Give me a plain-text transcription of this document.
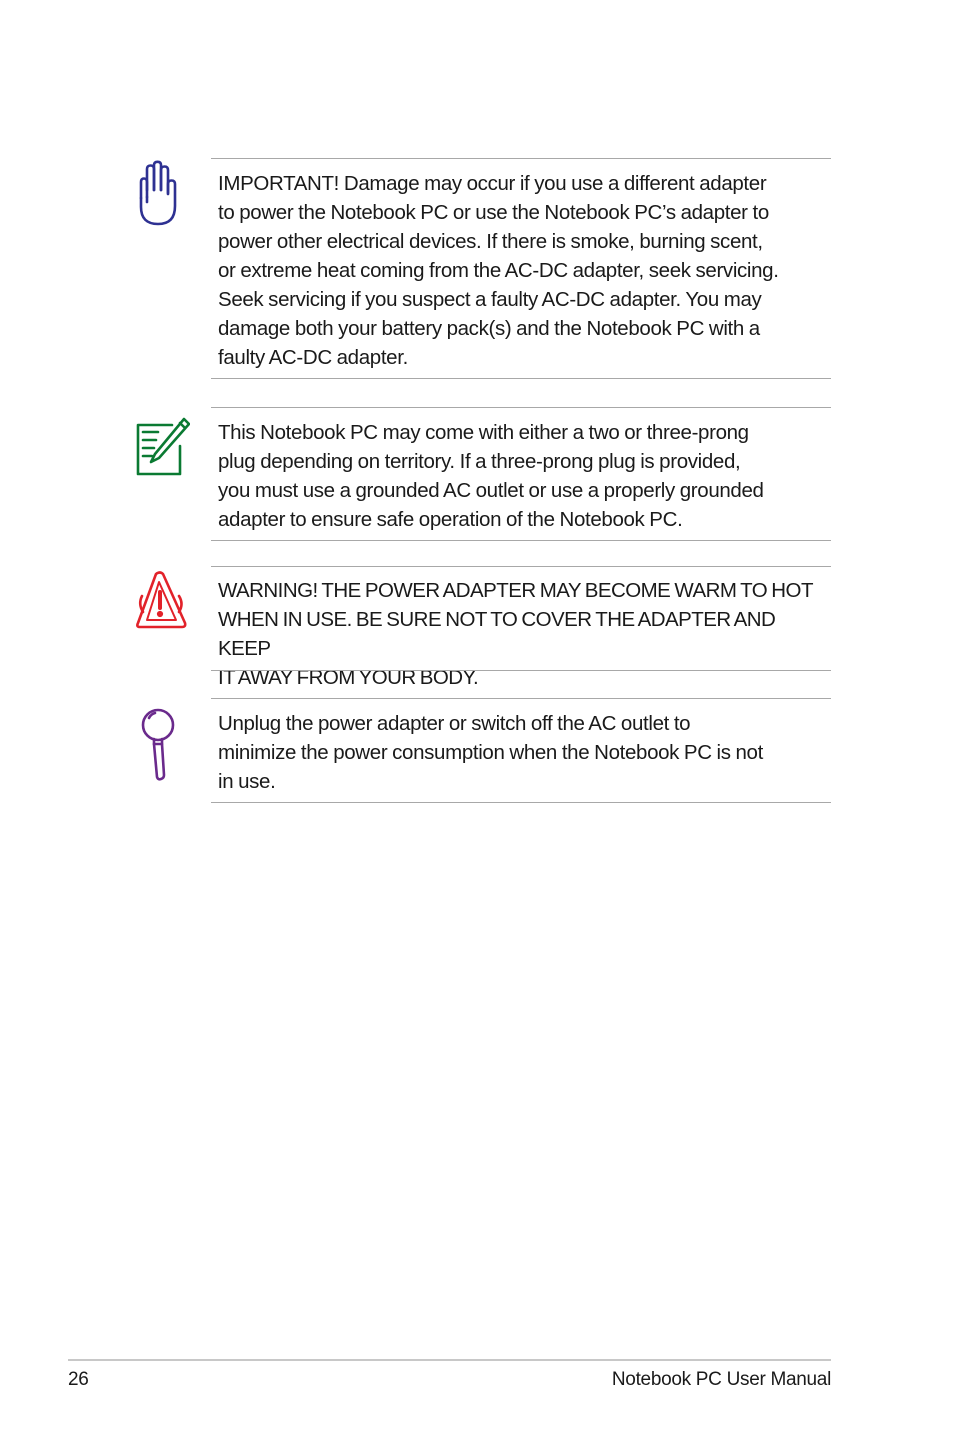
IMPORTANT! Damage may occur if you use a different adapter
to power the Notebook PC or use the Notebook PC’s adapter to
power other electrical devices. If there is smoke, burning scent,
or extreme heat coming from the AC-DC adapter, seek servicing.
Seek servicing if you suspect a faulty AC-DC adapter. You may
damage both your battery pack(s) and the Notebook PC with a
faulty AC-DC adapter.

This Notebook PC may come with either a two or three-prong
plug depending on territory. If a three-prong plug is provided,
you must use a grounded AC outlet or use a properly grounded
adapter to ensure safe operation of the Notebook PC.

WARNING! THE POWER ADAPTER MAY BECOME WARM TO HOT
WHEN IN USE. BE SURE NOT TO COVER THE ADAPTER AND KEEP
IT AWAY FROM YOUR BODY.

Unplug the power adapter or switch off the AC outlet to
minimize the power consumption when the Notebook PC is not
in use.

26	Notebook PC User Manual
